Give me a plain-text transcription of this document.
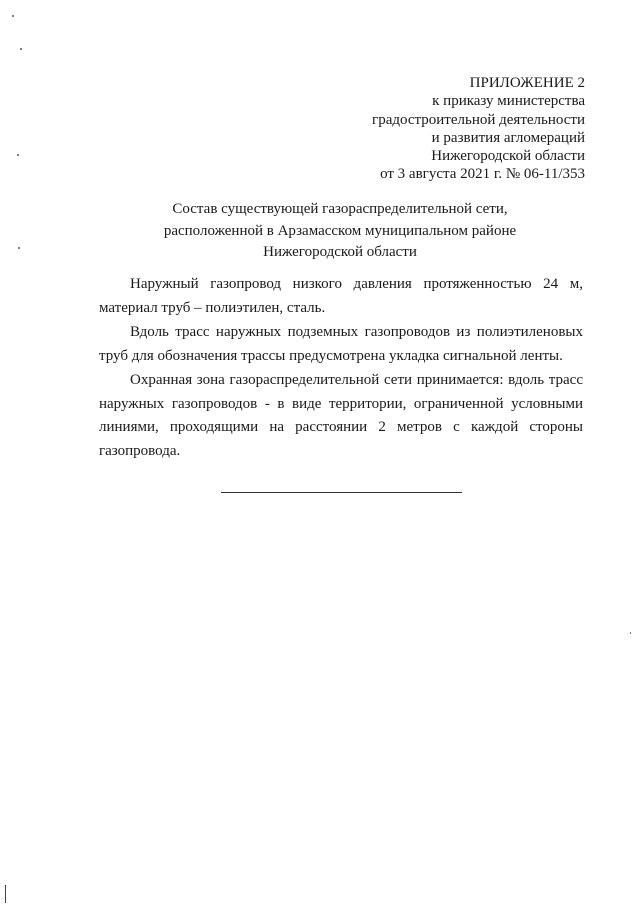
ПРИЛОЖЕНИЕ 2
к приказу министерства
градостроительной деятельности
и развития агломераций
Нижегородской области
от 3 августа 2021 г. № 06-11/353
Состав существующей газораспределительной сети,
расположенной в Арзамасском муниципальном районе
Нижегородской области

Наружный газопровод низкого давления протяженностью 24 м, материал труб – полиэтилен, сталь.

Вдоль трасс наружных подземных газопроводов из полиэтиленовых труб для обозначения трассы предусмотрена укладка сигнальной ленты.

Охранная зона газораспределительной сети принимается: вдоль трасс наружных газопроводов - в виде территории, ограниченной условными линиями, проходящими на расстоянии 2 метров с каждой стороны газопровода.
